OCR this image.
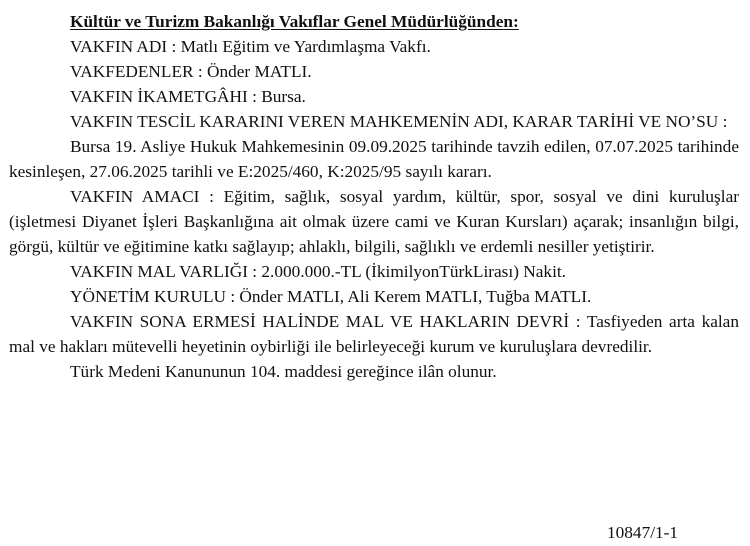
Kültür ve Turizm Bakanlığı Vakıflar Genel Müdürlüğünden:

VAKFIN ADI : Matlı Eğitim ve Yardımlaşma Vakfı.

VAKFEDENLER : Önder MATLI.

VAKFIN İKAMETGÂHI : Bursa.

VAKFIN TESCİL KARARINI VEREN MAHKEMENİN ADI, KARAR TARİHİ VE NO’SU :

Bursa 19. Asliye Hukuk Mahkemesinin 09.09.2025 tarihinde tavzih edilen, 07.07.2025 tarihinde kesinleşen, 27.06.2025 tarihli ve E:2025/460, K:2025/95 sayılı kararı.

VAKFIN AMACI : Eğitim, sağlık, sosyal yardım, kültür, spor, sosyal ve dini kuruluşlar (işletmesi Diyanet İşleri Başkanlığına ait olmak üzere cami ve Kuran Kursları) açarak; insanlığın bilgi, görgü, kültür ve eğitimine katkı sağlayıp; ahlaklı, bilgili, sağlıklı ve erdemli nesiller yetiştirir.

VAKFIN MAL VARLIĞI : 2.000.000.-TL (İkimilyonTürkLirası) Nakit.

YÖNETİM KURULU : Önder MATLI, Ali Kerem MATLI, Tuğba MATLI.

VAKFIN SONA ERMESİ HALİNDE MAL VE HAKLARIN DEVRİ : Tasfiyeden arta kalan mal ve hakları mütevelli heyetinin oybirliği ile belirleyeceği kurum ve kuruluşlara devredilir.

Türk Medeni Kanununun 104. maddesi gereğince ilân olunur.

10847/1-1
